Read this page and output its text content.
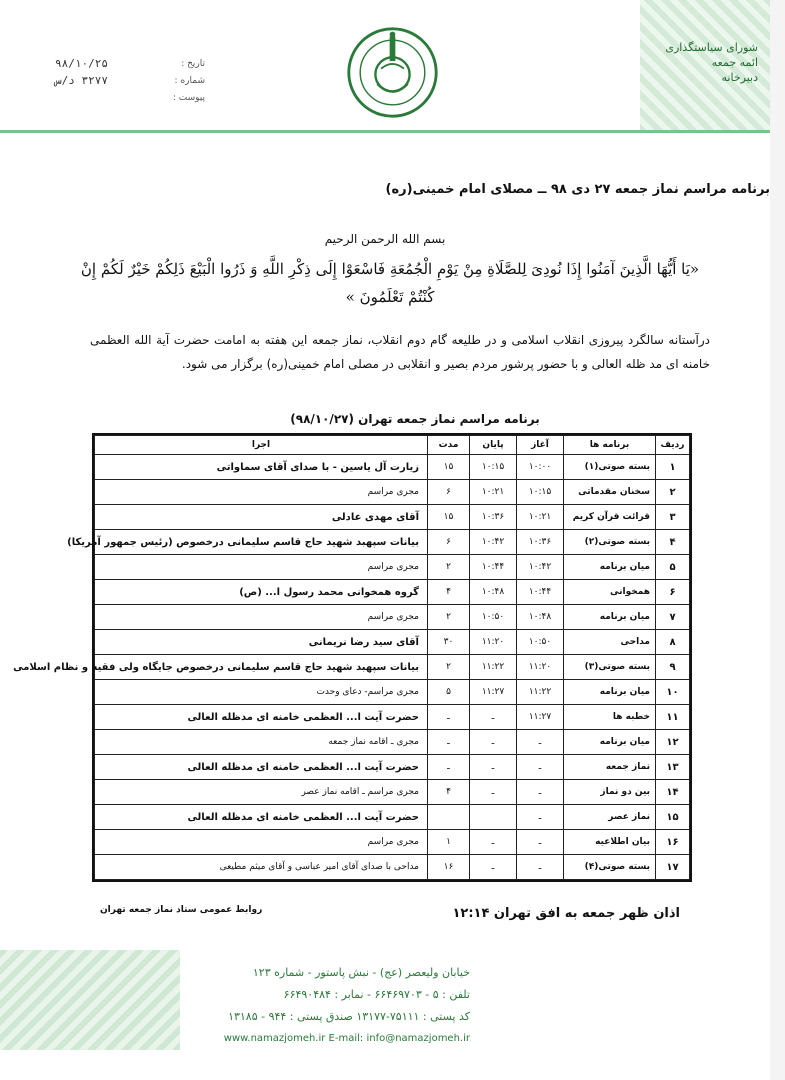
شورای سیاستگذاری
ائمه جمعه
دبیرخانه
۹۸/۱۰/۲۵	تاریخ :
۳۲۷۷ د/س	شماره :
پیوست :
برنامه مراسم نماز جمعه ۲۷ دی ۹۸ ــ مصلای امام خمینی(ره)
بسم الله الرحمن الرحیم
«یَا أَیُّهَا الَّذِینَ آمَنُوا إِذَا نُودِیَ لِلصَّلَاةِ مِنْ یَوْمِ الْجُمُعَةِ فَاسْعَوْا إِلَی ذِکْرِ اللَّهِ وَ ذَرُوا الْبَیْعَ ذَلِکُمْ خَیْرٌ لَکُمْ إِنْ کُنْتُمْ تَعْلَمُونَ »
درآستانه سالگرد پیروزی انقلاب اسلامی و در طلیعه گام دوم انقلاب، نماز جمعه این هفته به امامت حضرت آیة الله العظمی خامنه ای مد ظله العالی و با حضور پرشور مردم بصیر و انقلابی در مصلی امام خمینی(ره) برگزار می شود.
برنامه مراسم نماز جمعه تهران (۹۸/۱۰/۲۷)
ردیف	برنامه ها	آغاز	پایان	مدت	اجرا
۱	بسته صوتی(۱)	۱۰:۰۰	۱۰:۱۵	۱۵	زیارت آل یاسین - با صدای آقای سماواتی
۲	سخنان مقدماتی	۱۰:۱۵	۱۰:۲۱	۶	مجری مراسم
۳	قرائت قرآن کریم	۱۰:۲۱	۱۰:۳۶	۱۵	آقای مهدی عادلی
۴	بسته صوتی(۲)	۱۰:۳۶	۱۰:۴۲	۶	بیانات سپهبد شهید حاج قاسم سلیمانی درخصوص (رئیس جمهور آمریکا)
۵	میان برنامه	۱۰:۴۲	۱۰:۴۴	۲	مجری مراسم
۶	همخوانی	۱۰:۴۴	۱۰:۴۸	۴	گروه همخوانی محمد رسول ا... (ص)
۷	میان برنامه	۱۰:۴۸	۱۰:۵۰	۲	مجری مراسم
۸	مداحی	۱۰:۵۰	۱۱:۲۰	۳۰	آقای سید رضا نریمانی
۹	بسته صوتی(۳)	۱۱:۲۰	۱۱:۲۲	۲	بیانات سپهبد شهید حاج قاسم سلیمانی درخصوص جایگاه ولی فقیه و نظام اسلامی
۱۰	میان برنامه	۱۱:۲۲	۱۱:۲۷	۵	مجری مراسم- دعای وحدت
۱۱	خطبه ها	۱۱:۲۷	ـ	ـ	حضرت آیت ا... العظمی خامنه ای مدظله العالی
۱۲	میان برنامه	ـ	ـ	ـ	مجری ـ اقامه نماز جمعه
۱۳	نماز جمعه	ـ	ـ	ـ	حضرت آیت ا... العظمی خامنه ای مدظله العالی
۱۴	بین دو نماز	ـ	ـ	۴	مجری مراسم ـ اقامه نماز عصر
۱۵	نماز عصر	ـ			حضرت آیت ا... العظمی خامنه ای مدظله العالی
۱۶	بیان اطلاعیه	ـ	ـ	۱	مجری مراسم
۱۷	بسته صوتی(۴)	ـ	ـ	۱۶	مداحی با صدای آقای امیر عباسی و آقای میثم مطیعی
روابط عمومی ستاد نماز جمعه تهران	اذان ظهر جمعه به افق تهران ۱۲:۱۴
خیابان ولیعصر (عج) - نبش پاستور - شماره ۱۲۳
تلفن : ۵ - ۶۶۴۶۹۷۰۳ - نمابر : ۶۶۴۹۰۴۸۴
کد پستی : ۷۵۱۱۱-۱۳۱۷۷ صندق پستی : ۹۴۴ - ۱۳۱۸۵
www.namazjomeh.ir E-mail: info@namazjomeh.ir
